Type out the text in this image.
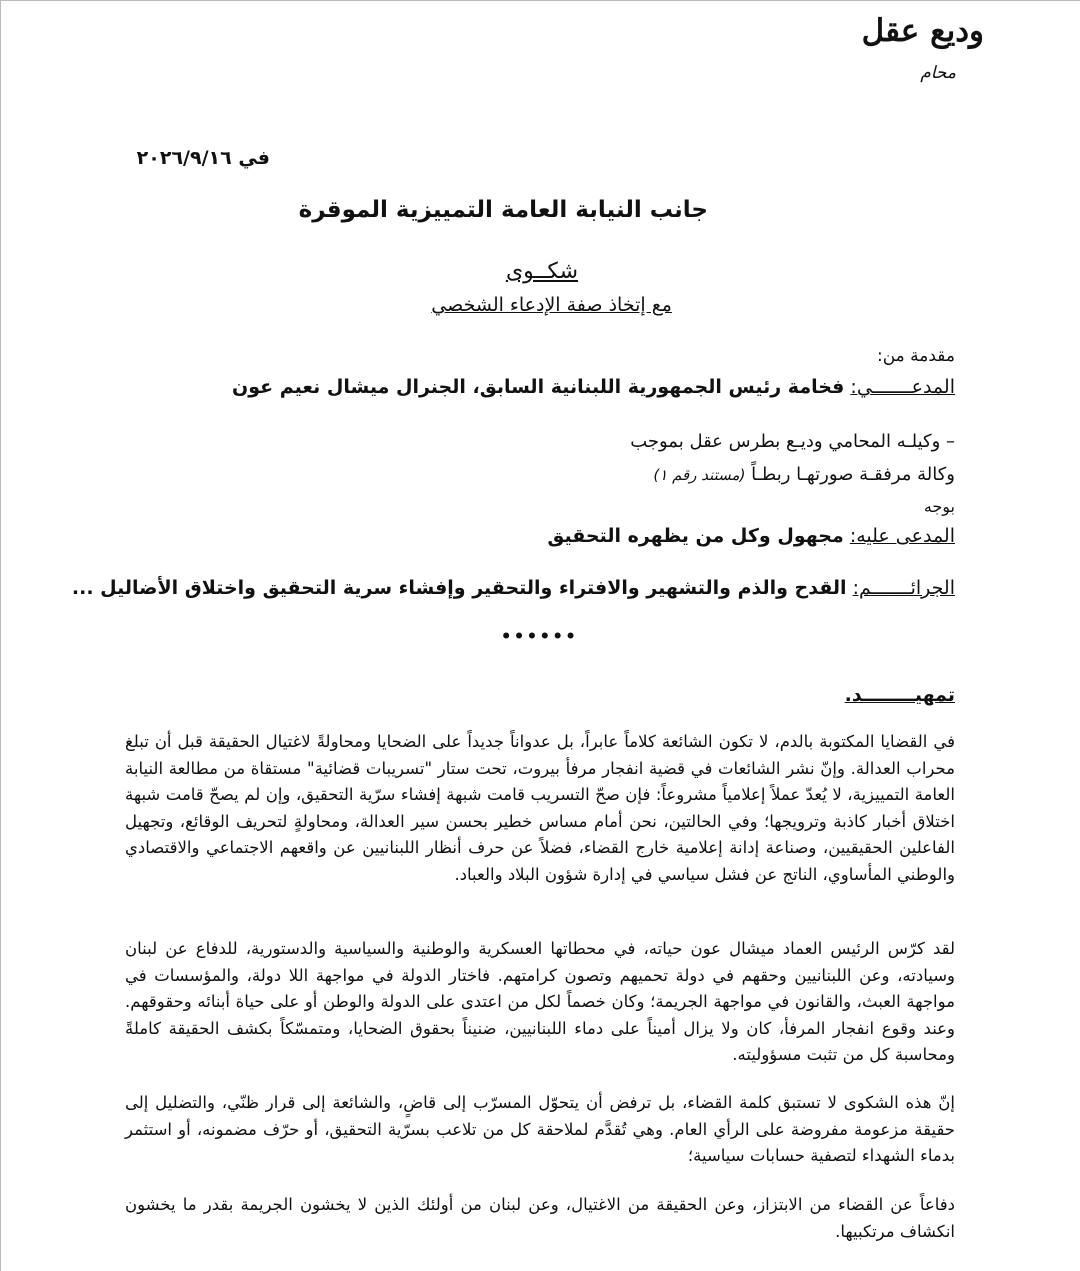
وديع عقل
محام
في ٢٠٢٦/٩/١٦
جانب النيابة العامة التمييزية الموقرة
شكــوى
مع إتخاذ صفة الإدعاء الشخصي
مقدمة من:
المدعـــــــي: فخامة رئيس الجمهورية اللبنانية السابق، الجنرال ميشال نعيم عون
– وكيلـه المحامي وديـع بطرس عقل بموجب
وكالة مرفقـة صورتهـا ربطـاً (مستند رقم ١)
بوجه
المدعى عليه: مجهول وكل من يظهره التحقيق
الجرائـــــــم: القدح والذم والتشهير والافتراء والتحقير وإفشاء سرية التحقيق واختلاق الأضاليل ...
••••••
تمهيــــــــد.
في القضايا المكتوبة بالدم، لا تكون الشائعة كلاماً عابراً، بل عدواناً جديداً على الضحايا ومحاولةً لاغتيال الحقيقة قبل أن تبلغ محراب العدالة. وإنّ نشر الشائعات في قضية انفجار مرفأ بيروت، تحت ستار "تسريبات قضائية" مستقاة من مطالعة النيابة العامة التمييزية، لا يُعدّ عملاً إعلامياً مشروعاً: فإن صحّ التسريب قامت شبهة إفشاء سرّية التحقيق، وإن لم يصحّ قامت شبهة اختلاق أخبار كاذبة وترويجها؛ وفي الحالتين، نحن أمام مساس خطير بحسن سير العدالة، ومحاولةٍ لتحريف الوقائع، وتجهيل الفاعلين الحقيقيين، وصناعة إدانة إعلامية خارج القضاء، فضلاً عن حرف أنظار اللبنانيين عن واقعهم الاجتماعي والاقتصادي والوطني المأساوي، الناتج عن فشل سياسي في إدارة شؤون البلاد والعباد.
لقد كرّس الرئيس العماد ميشال عون حياته، في محطاتها العسكرية والوطنية والسياسية والدستورية، للدفاع عن لبنان وسيادته، وعن اللبنانيين وحقهم في دولة تحميهم وتصون كرامتهم. فاختار الدولة في مواجهة اللا دولة، والمؤسسات في مواجهة العبث، والقانون في مواجهة الجريمة؛ وكان خصماً لكل من اعتدى على الدولة والوطن أو على حياة أبنائه وحقوقهم. وعند وقوع انفجار المرفأ، كان ولا يزال أميناً على دماء اللبنانيين، ضنيناً بحقوق الضحايا، ومتمسّكاً بكشف الحقيقة كاملةً ومحاسبة كل من تثبت مسؤوليته.
إنّ هذه الشكوى لا تستبق كلمة القضاء، بل ترفض أن يتحوّل المسرّب إلى قاضٍ، والشائعة إلى قرار ظنّي، والتضليل إلى حقيقة مزعومة مفروضة على الرأي العام. وهي تُقدَّم لملاحقة كل من تلاعب بسرّية التحقيق، أو حرّف مضمونه، أو استثمر بدماء الشهداء لتصفية حسابات سياسية؛
دفاعاً عن القضاء من الابتزاز، وعن الحقيقة من الاغتيال، وعن لبنان من أولئك الذين لا يخشون الجريمة بقدر ما يخشون انكشاف مرتكبيها.
